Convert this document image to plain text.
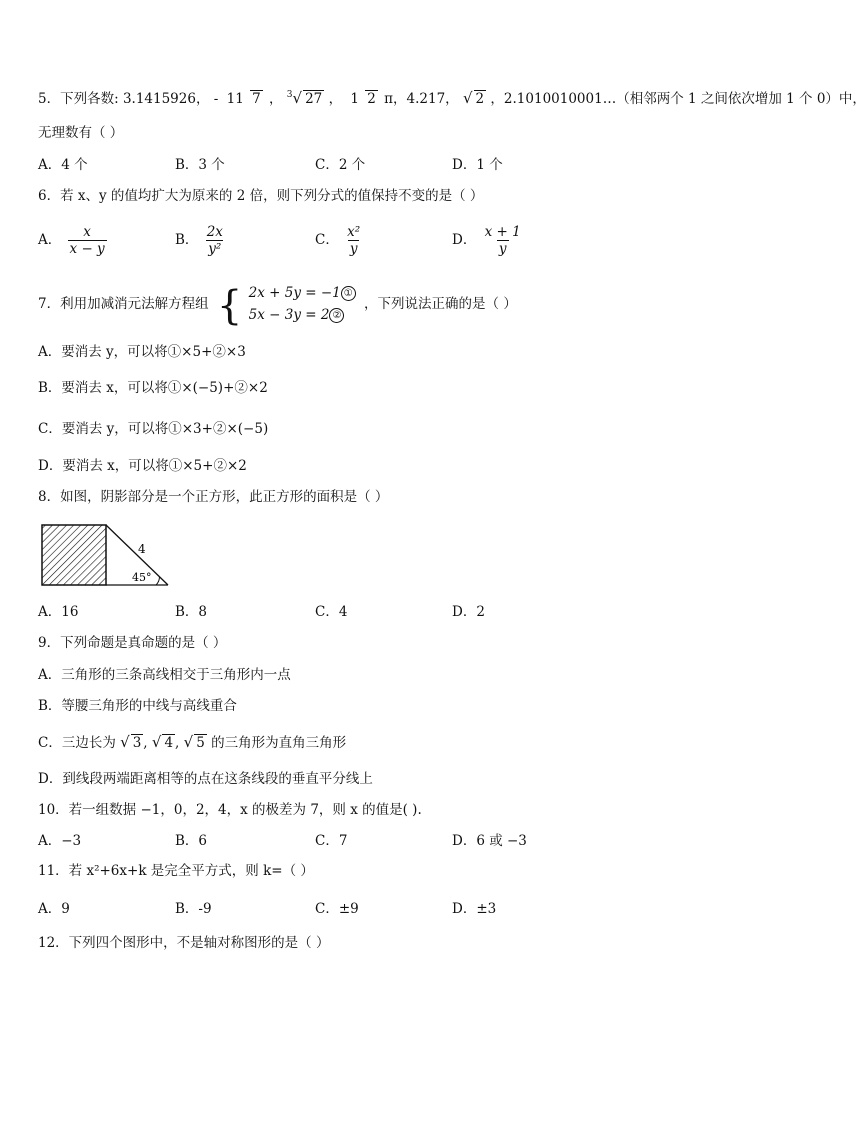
5．下列各数: 3.1415926， - 11 7 ， $^3$√ 27 ， 1 2 π，4.217， √ 2 ，2.1010010001…（相邻两个 1 之间依次增加 1 个 0）中，
无理数有（ ）
A．4 个	B．3 个	C．2 个	D．1 个
6．若 x、y 的值均扩大为原来的 2 倍，则下列分式的值保持不变的是（ ）
A． $\frac{x}{x - y}$	B． $\frac{2x}{\text{y²}}$	C． $\frac{\text{x²}}{y}$	D． $\frac{x + 1}{y}$
7．利用加减消元法解方程组 { 2x + 5y = −1 ①
5x − 3y = 2 ②
，下列说法正确的是（ ）
A．要消去 y，可以将①×5+②×3
B．要消去 x，可以将①×(−5)+②×2
C．要消去 y，可以将①×3+②×(−5)
D．要消去 x，可以将①×5+②×2
8．如图，阴影部分是一个正方形，此正方形的面积是（ ）
4
45°
A．16	B．8	C．4	D．2
9．下列命题是真命题的是（ ）
A．三角形的三条高线相交于三角形内一点
B．等腰三角形的中线与高线重合
C．三边长为 √ 3 , √ 4 , √ 5 的三角形为直角三角形
D．到线段两端距离相等的点在这条线段的垂直平分线上
10．若一组数据 −1，0，2，4，x 的极差为 7，则 x 的值是( ).
A．−3	B．6	C．7	D．6 或 −3
11．若 x²+6x+k 是完全平方式，则 k=（ ）
A．9	B．-9	C．±9	D．±3
12．下列四个图形中，不是轴对称图形的是（ ）
